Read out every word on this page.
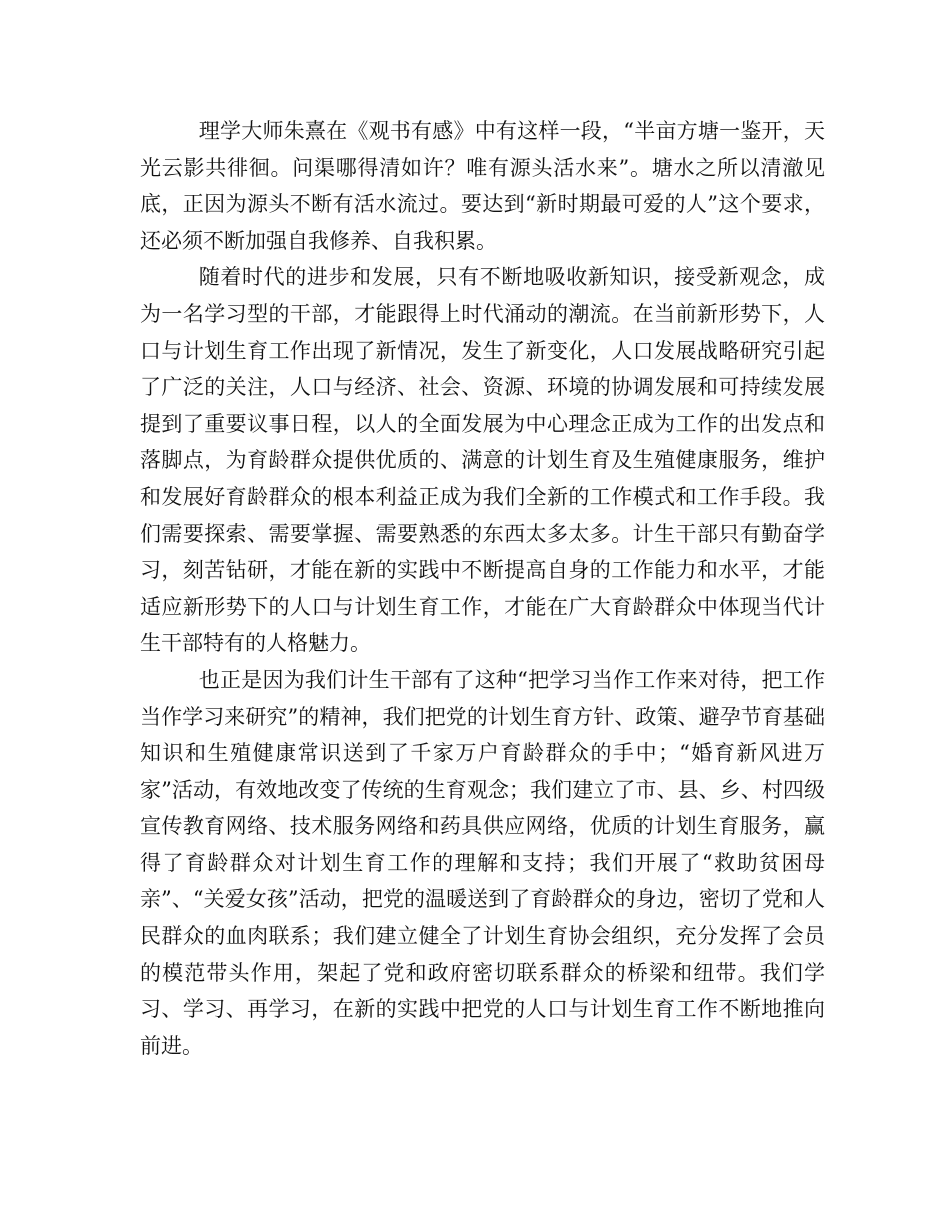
理学大师朱熹在《观书有感》中有这样一段，“半亩方塘一鉴开，天光云影共徘徊。问渠哪得清如许？唯有源头活水来”。塘水之所以清澈见底，正因为源头不断有活水流过。要达到“新时期最可爱的人”这个要求，还必须不断加强自我修养、自我积累。

随着时代的进步和发展，只有不断地吸收新知识，接受新观念，成为一名学习型的干部，才能跟得上时代涌动的潮流。在当前新形势下，人口与计划生育工作出现了新情况，发生了新变化，人口发展战略研究引起了广泛的关注，人口与经济、社会、资源、环境的协调发展和可持续发展提到了重要议事日程，以人的全面发展为中心理念正成为工作的出发点和落脚点，为育龄群众提供优质的、满意的计划生育及生殖健康服务，维护和发展好育龄群众的根本利益正成为我们全新的工作模式和工作手段。我们需要探索、需要掌握、需要熟悉的东西太多太多。计生干部只有勤奋学习，刻苦钻研，才能在新的实践中不断提高自身的工作能力和水平，才能适应新形势下的人口与计划生育工作，才能在广大育龄群众中体现当代计生干部特有的人格魅力。

也正是因为我们计生干部有了这种“把学习当作工作来对待，把工作当作学习来研究”的精神，我们把党的计划生育方针、政策、避孕节育基础知识和生殖健康常识送到了千家万户育龄群众的手中；“婚育新风进万家”活动，有效地改变了传统的生育观念；我们建立了市、县、乡、村四级宣传教育网络、技术服务网络和药具供应网络，优质的计划生育服务，赢得了育龄群众对计划生育工作的理解和支持；我们开展了“救助贫困母亲”、“关爱女孩”活动，把党的温暖送到了育龄群众的身边，密切了党和人民群众的血肉联系；我们建立健全了计划生育协会组织，充分发挥了会员的模范带头作用，架起了党和政府密切联系群众的桥梁和纽带。我们学习、学习、再学习，在新的实践中把党的人口与计划生育工作不断地推向前进。
